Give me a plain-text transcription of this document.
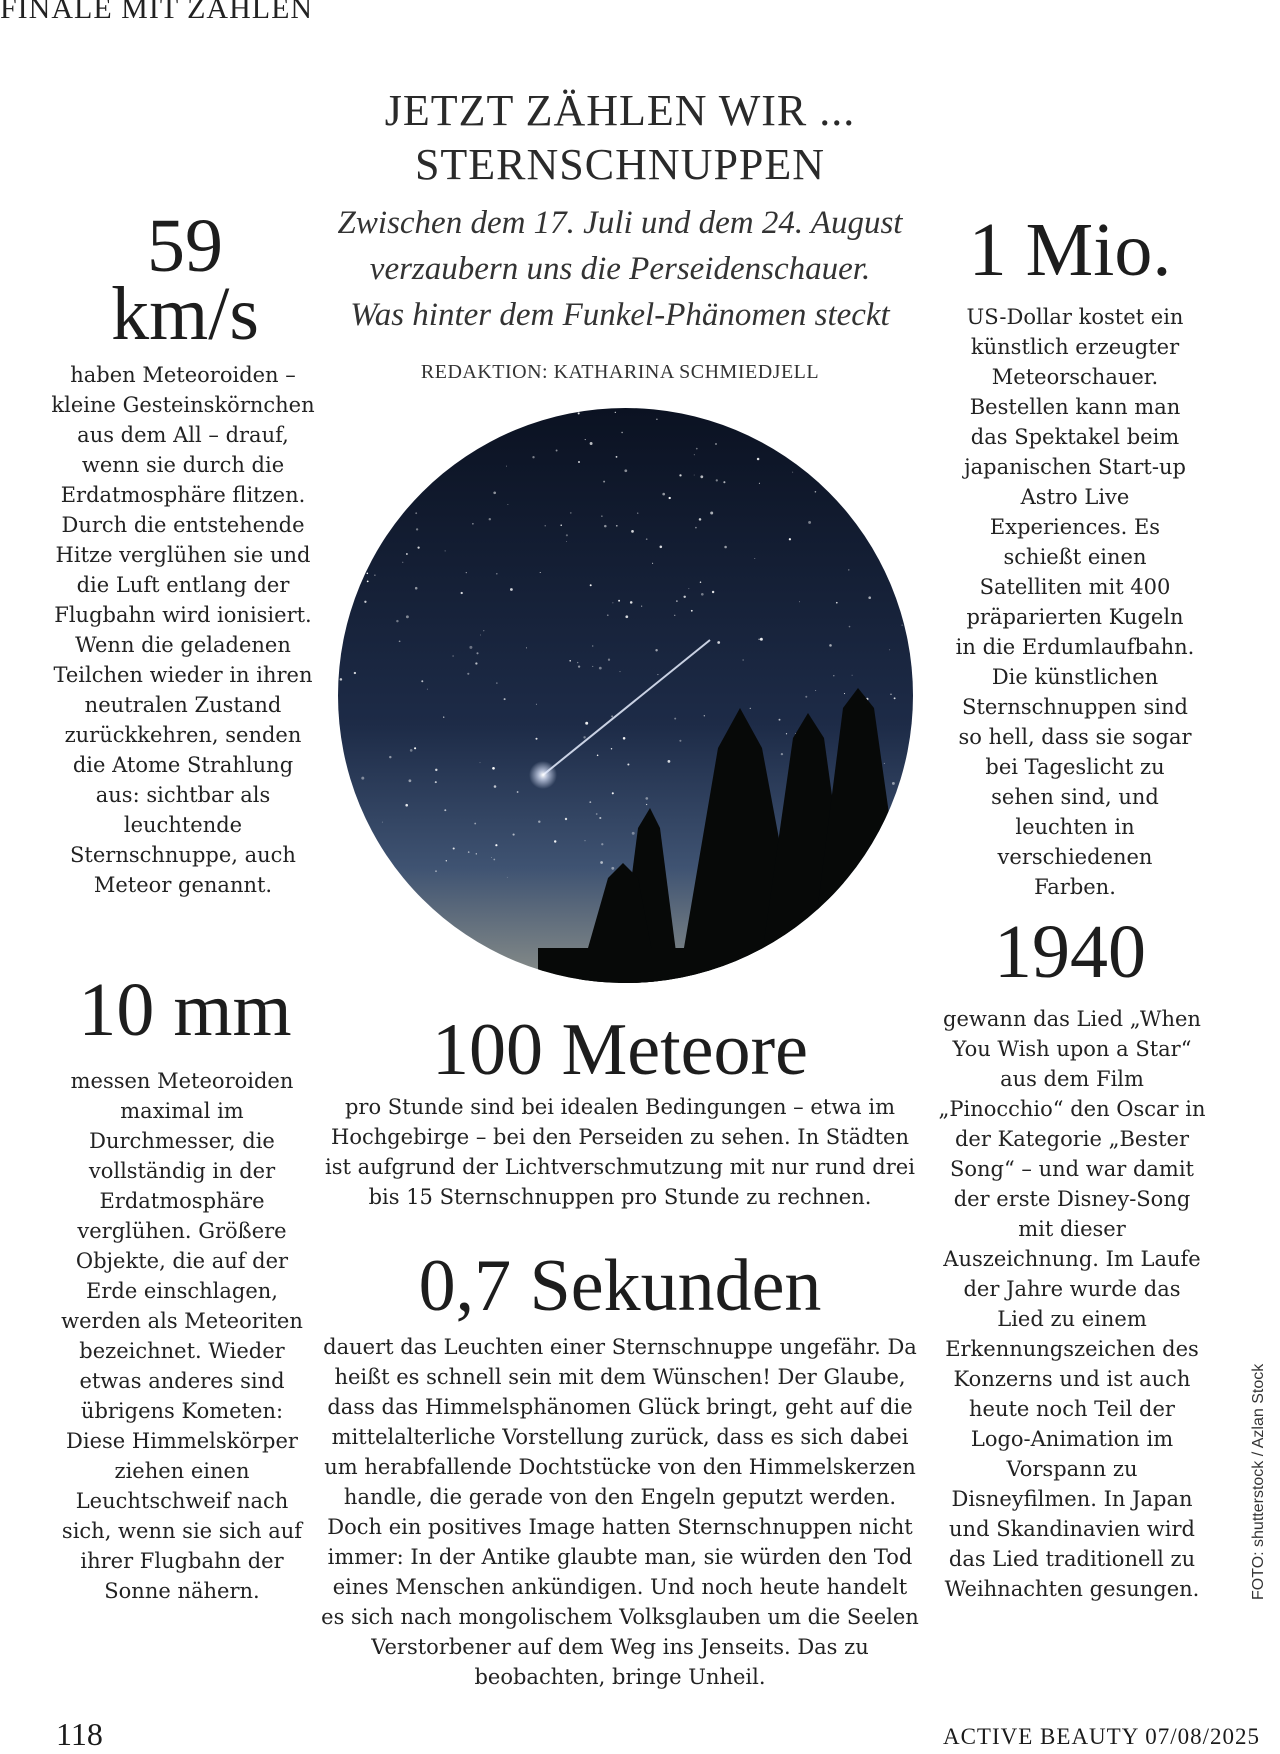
FINALE MIT ZAHLEN
JETZT ZÄHLEN WIR ...
STERNSCHNUPPEN
Zwischen dem 17. Juli und dem 24. August
verzaubern uns die Perseidenschauer.
Was hinter dem Funkel-Phänomen steckt
REDAKTION: KATHARINA SCHMIEDJELL
59
km/s
haben Meteoroiden – kleine Gesteinskörnchen aus dem All – drauf, wenn sie durch die Erdatmosphäre flitzen. Durch die entstehende Hitze verglühen sie und die Luft entlang der Flugbahn wird ionisiert. Wenn die geladenen Teilchen wieder in ihren neutralen Zustand zurückkehren, senden die Atome Strahlung aus: sichtbar als leuchtende Sternschnuppe, auch Meteor genannt.
10 mm
messen Meteoroiden maximal im Durchmesser, die vollständig in der Erdatmosphäre verglühen. Größere Objekte, die auf der Erde einschlagen, werden als Meteoriten bezeichnet. Wieder etwas anderes sind übrigens Kometen: Diese Himmelskörper ziehen einen Leuchtschweif nach sich, wenn sie sich auf ihrer Flugbahn der Sonne nähern.
100 Meteore
pro Stunde sind bei idealen Bedingungen – etwa im Hochgebirge – bei den Perseiden zu sehen. In Städten ist aufgrund der Lichtverschmutzung mit nur rund drei bis 15 Sternschnuppen pro Stunde zu rechnen.
0,7 Sekunden
dauert das Leuchten einer Sternschnuppe ungefähr. Da heißt es schnell sein mit dem Wünschen! Der Glaube, dass das Himmelsphänomen Glück bringt, geht auf die mittelalterliche Vorstellung zurück, dass es sich dabei um herabfallende Dochtstücke von den Himmelskerzen handle, die gerade von den Engeln geputzt werden. Doch ein positives Image hatten Sternschnuppen nicht immer: In der Antike glaubte man, sie würden den Tod eines Menschen ankündigen. Und noch heute handelt es sich nach mongolischem Volksglauben um die Seelen Verstorbener auf dem Weg ins Jenseits. Das zu beobachten, bringe Unheil.
1 Mio.
US-Dollar kostet ein künstlich erzeugter Meteorschauer. Bestellen kann man das Spektakel beim japanischen Start-up Astro Live Experiences. Es schießt einen Satelliten mit 400 präparierten Kugeln in die Erdumlaufbahn. Die künstlichen Sternschnuppen sind so hell, dass sie sogar bei Tageslicht zu sehen sind, und leuchten in verschiedenen Farben.
1940
gewann das Lied „When You Wish upon a Star“ aus dem Film „Pinocchio“ den Oscar in der Kategorie „Bester Song“ – und war damit der erste Disney-Song mit dieser Auszeichnung. Im Laufe der Jahre wurde das Lied zu einem Erkennungszeichen des Konzerns und ist auch heute noch Teil der Logo-Animation im Vorspann zu Disneyfilmen. In Japan und Skandinavien wird das Lied traditionell zu Weihnachten gesungen.	FOTO: shutterstock / Azlan Stock
118	ACTIVE BEAUTY 07/08/2025
